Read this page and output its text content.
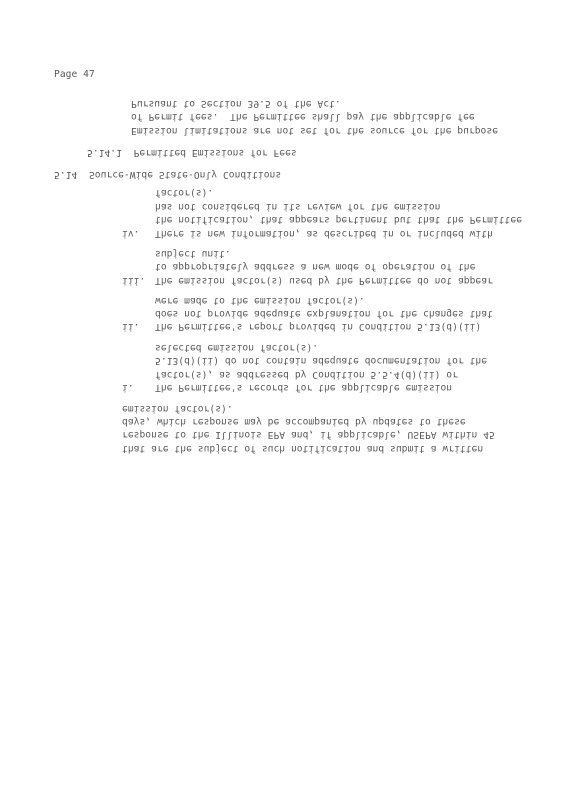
Page 47
Pursuant to Section 39.5 of the Act.
of Permit fees.  The Permittee shall pay the applicable fee
Emission limitations are not set for the source for the purpose
5.14.1  Permitted Emissions for Fees
5.14  Source-Wide State-Only Conditions
factor(s).
has not considered in its review for the emission
the notification, that appears pertinent but that the Permittee
iv. There is new information, as described in or included with
subject unit.
to appropriately address a new mode of operation of the
iii. The emission factor(s) used by the Permittee do not appear
were made to the emission factor(s).
does not provide adequate explanation for the changes that
ii. The Permittee's report provided in Condition 5.13(d)(ii)
selected emission factor(s).
5.13(d)(ii) do not contain adequate documentation for the
factor(s), as addressed by Condition 5.5.4(d)(ii) or
i. The Permittee's records for the applicable emission
emission factor(s).
days, which response may be accompanied by updates to these
response to the Illinois EPA and, if applicable, USEPA within 45
that are the subject of such notification and submit a written
